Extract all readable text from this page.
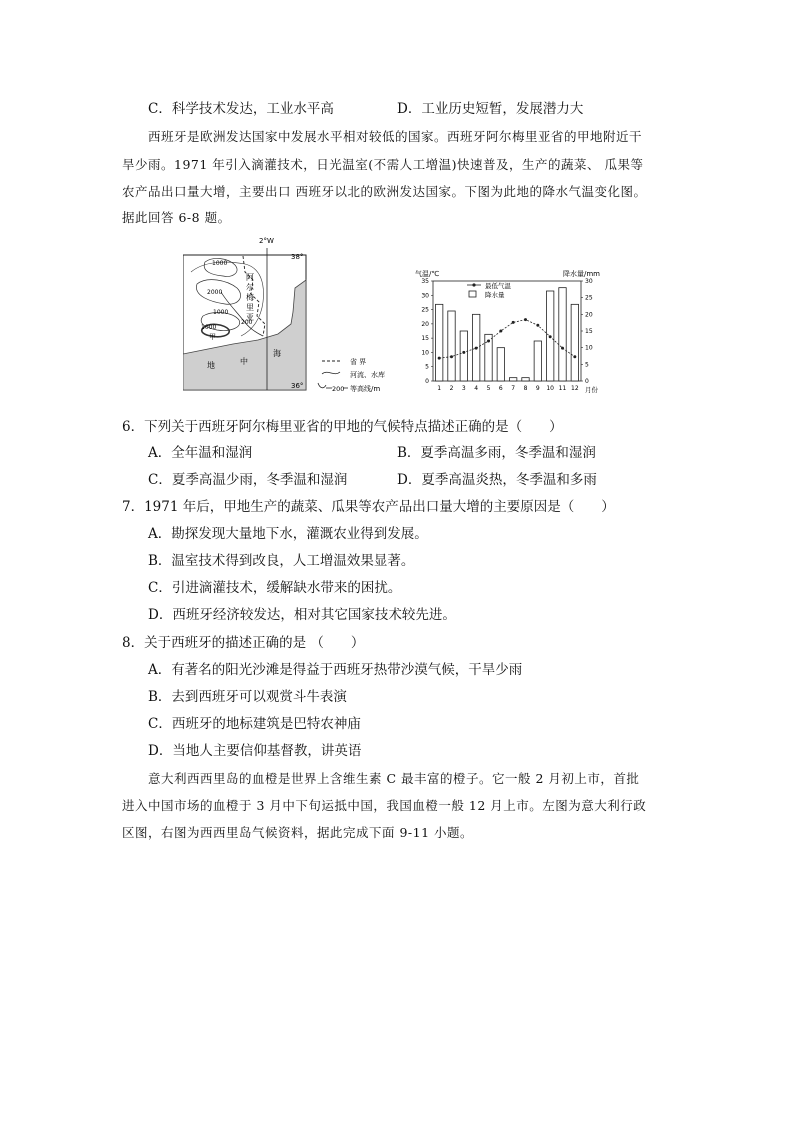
C．科学技术发达，工业水平高	D．工业历史短暂，发展潜力大
西班牙是欧洲发达国家中发展水平相对较低的国家。西班牙阿尔梅里亚省的甲地附近干
旱少雨。1971 年引入滴灌技术，日光温室(不需人工增温)快速普及，生产的蔬菜、 瓜果等
农产品出口量大增，主要出口 西班牙以北的欧洲发达国家。下图为此地的降水气温变化图。
据此回答 6-8 题。
2°W
38°
36°
1000
2000
1000
200
1000
甲
阿
尔
梅
里
亚
地	中
海
省 界
河流、水库
200 等高线/m
气温/℃	降水量/mm
月份
0
5
10
15
20
25
30
35
0
5
10
15
20
25
30
1 2 3 4 5 6 7 8 9 10 11 12
最低气温
降水量
6．下列关于西班牙阿尔梅里亚省的甲地的气候特点描述正确的是（　　）
A．全年温和湿润	B．夏季高温多雨，冬季温和湿润
C．夏季高温少雨，冬季温和湿润	D．夏季高温炎热，冬季温和多雨
7．1971 年后，甲地生产的蔬菜、瓜果等农产品出口量大增的主要原因是（　　）
A．勘探发现大量地下水，灌溉农业得到发展。
B．温室技术得到改良，人工增温效果显著。
C．引进滴灌技术，缓解缺水带来的困扰。
D．西班牙经济较发达，相对其它国家技术较先进。
8．关于西班牙的描述正确的是 （　　）
A．有著名的阳光沙滩是得益于西班牙热带沙漠气候，干旱少雨
B．去到西班牙可以观赏斗牛表演
C．西班牙的地标建筑是巴特农神庙
D．当地人主要信仰基督教，讲英语
意大利西西里岛的血橙是世界上含维生素 C 最丰富的橙子。它一般 2 月初上市，首批
进入中国市场的血橙于 3 月中下旬运抵中国，我国血橙一般 12 月上市。左图为意大利行政
区图，右图为西西里岛气候资料，据此完成下面 9-11 小题。
